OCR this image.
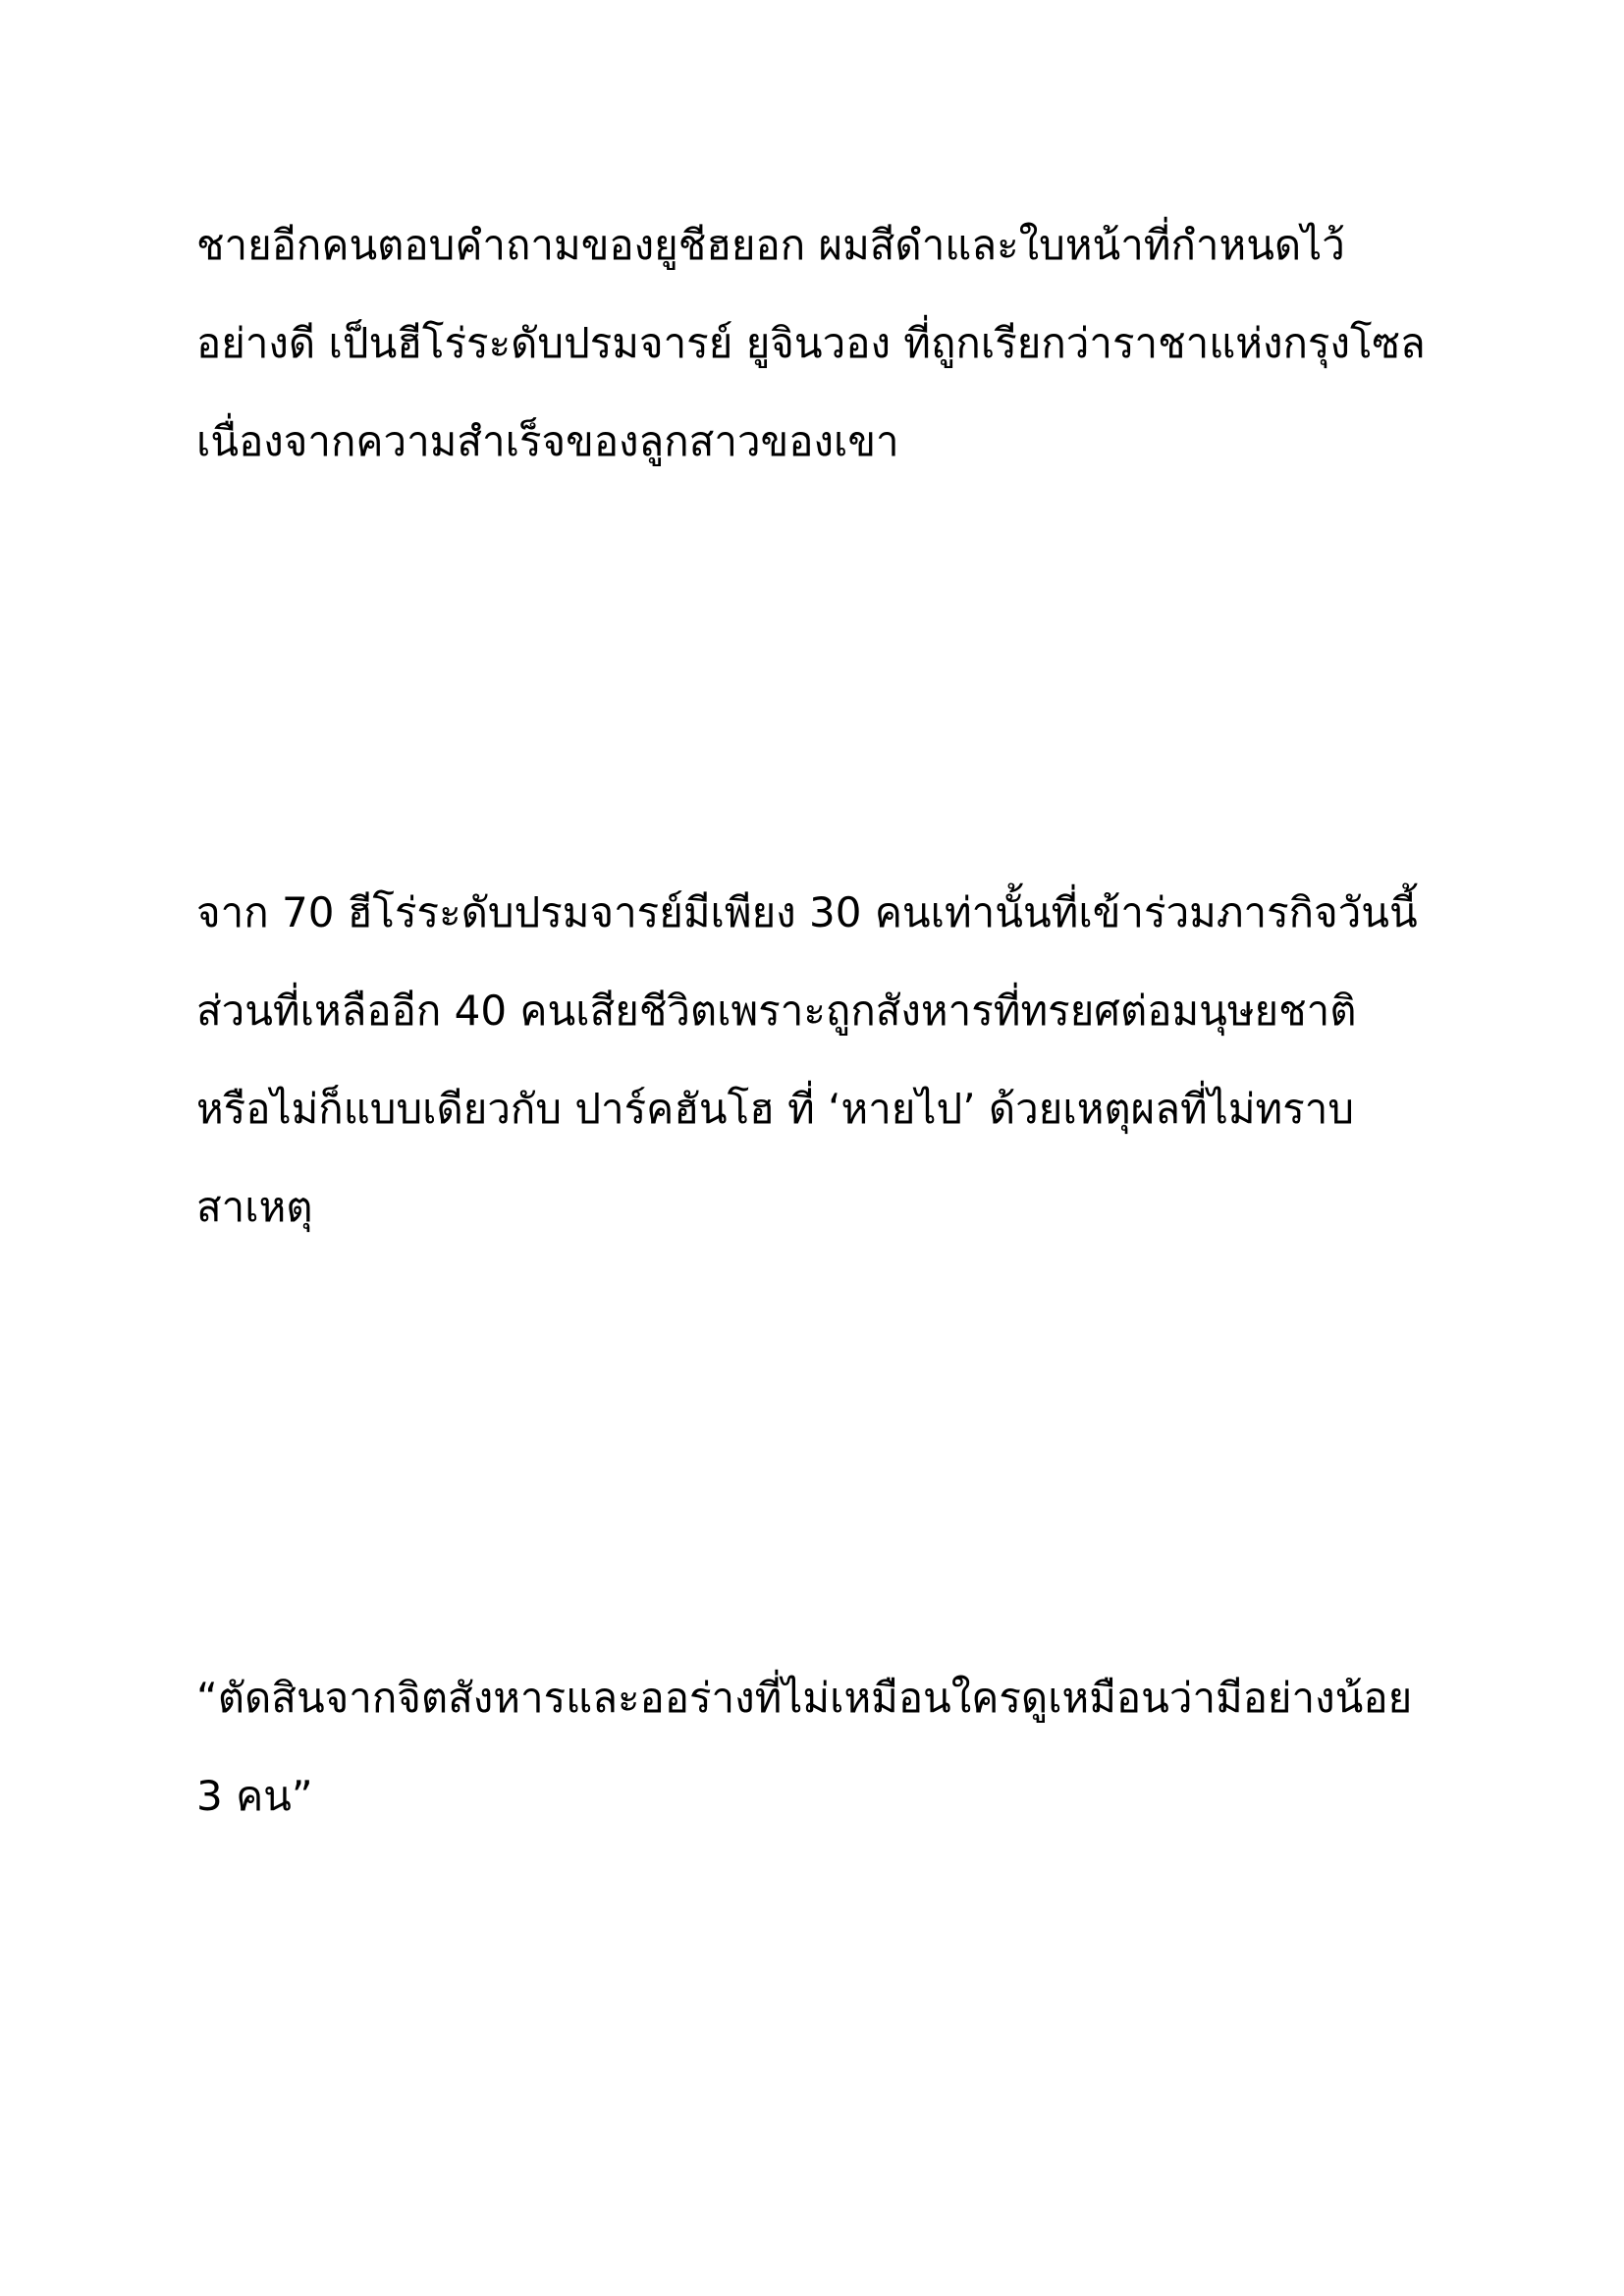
ชายอีกคนตอบคำถามของยูชีฮยอก ผมสีดำและใบหน้าที่กำหนดไว้
อย่างดี เป็นฮีโร่ระดับปรมจารย์ ยูจินวอง ที่ถูกเรียกว่าราชาแห่งกรุงโซล
เนื่องจากความสำเร็จของลูกสาวของเขา
จาก 70 ฮีโร่ระดับปรมจารย์มีเพียง 30 คนเท่านั้นที่เข้าร่วมภารกิจวันนี้
ส่วนที่เหลืออีก 40 คนเสียชีวิตเพราะถูกสังหารที่ทรยศต่อมนุษยชาติ
หรือไม่ก็แบบเดียวกับ ปาร์คฮันโฮ ที่ ‘หายไป’ ด้วยเหตุผลที่ไม่ทราบ
สาเหตุ
“ตัดสินจากจิตสังหารและออร่างที่ไม่เหมือนใครดูเหมือนว่ามีอย่างน้อย
3 คน”
